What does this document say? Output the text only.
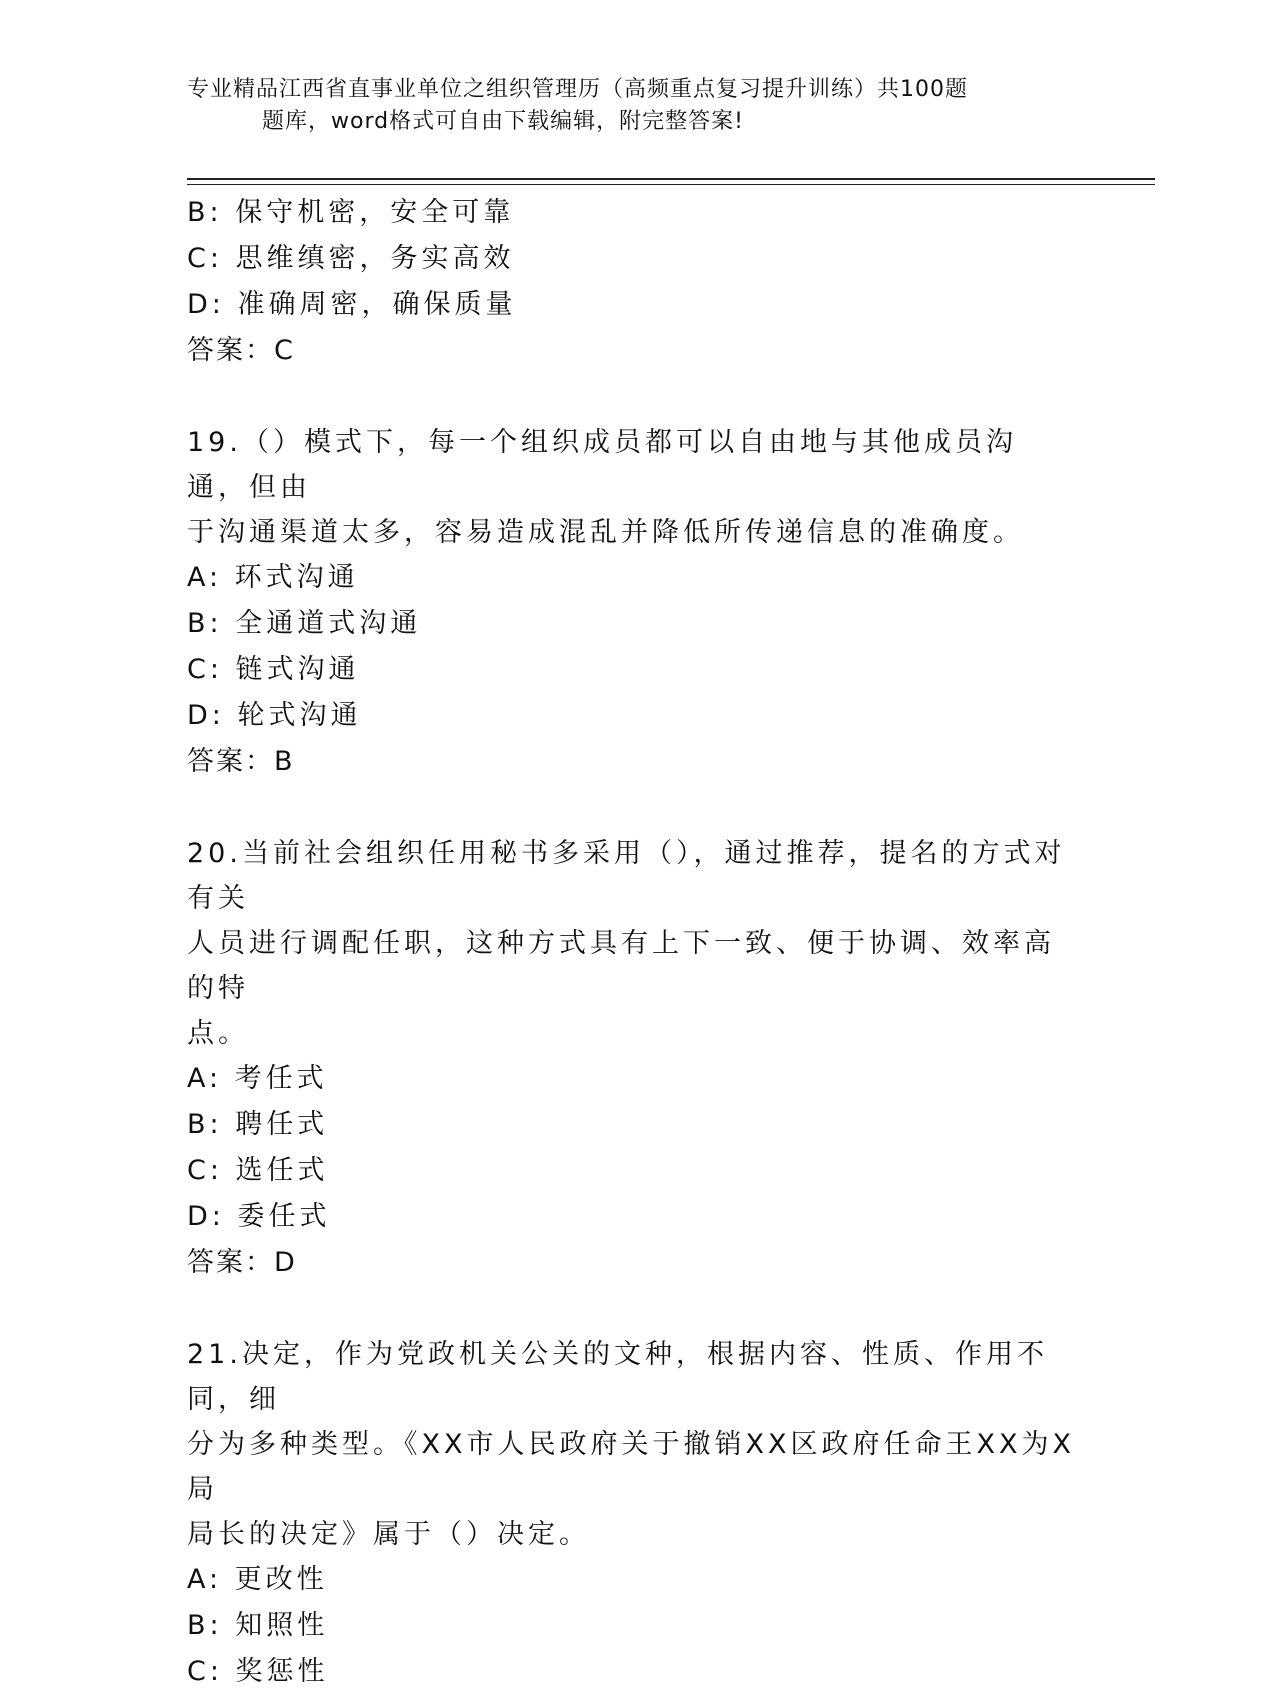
专业精品江西省直事业单位之组织管理历（高频重点复习提升训练）共100题
题库，word格式可自由下载编辑，附完整答案!
B: 保守机密，安全可靠
C: 思维缜密，务实高效
D: 准确周密，确保质量
答案：C
19.（）模式下，每一个组织成员都可以自由地与其他成员沟通，但由
于沟通渠道太多，容易造成混乱并降低所传递信息的准确度。
A: 环式沟通
B: 全通道式沟通
C: 链式沟通
D: 轮式沟通
答案：B
20.当前社会组织任用秘书多采用（），通过推荐，提名的方式对有关
人员进行调配任职，这种方式具有上下一致、便于协调、效率高的特
点。
A: 考任式
B: 聘任式
C: 选任式
D: 委任式
答案：D
21.决定，作为党政机关公关的文种，根据内容、性质、作用不同，细
分为多种类型。《XX市人民政府关于撤销XX区政府任命王XX为X局
局长的决定》属于（）决定。
A: 更改性
B: 知照性
C: 奖惩性
